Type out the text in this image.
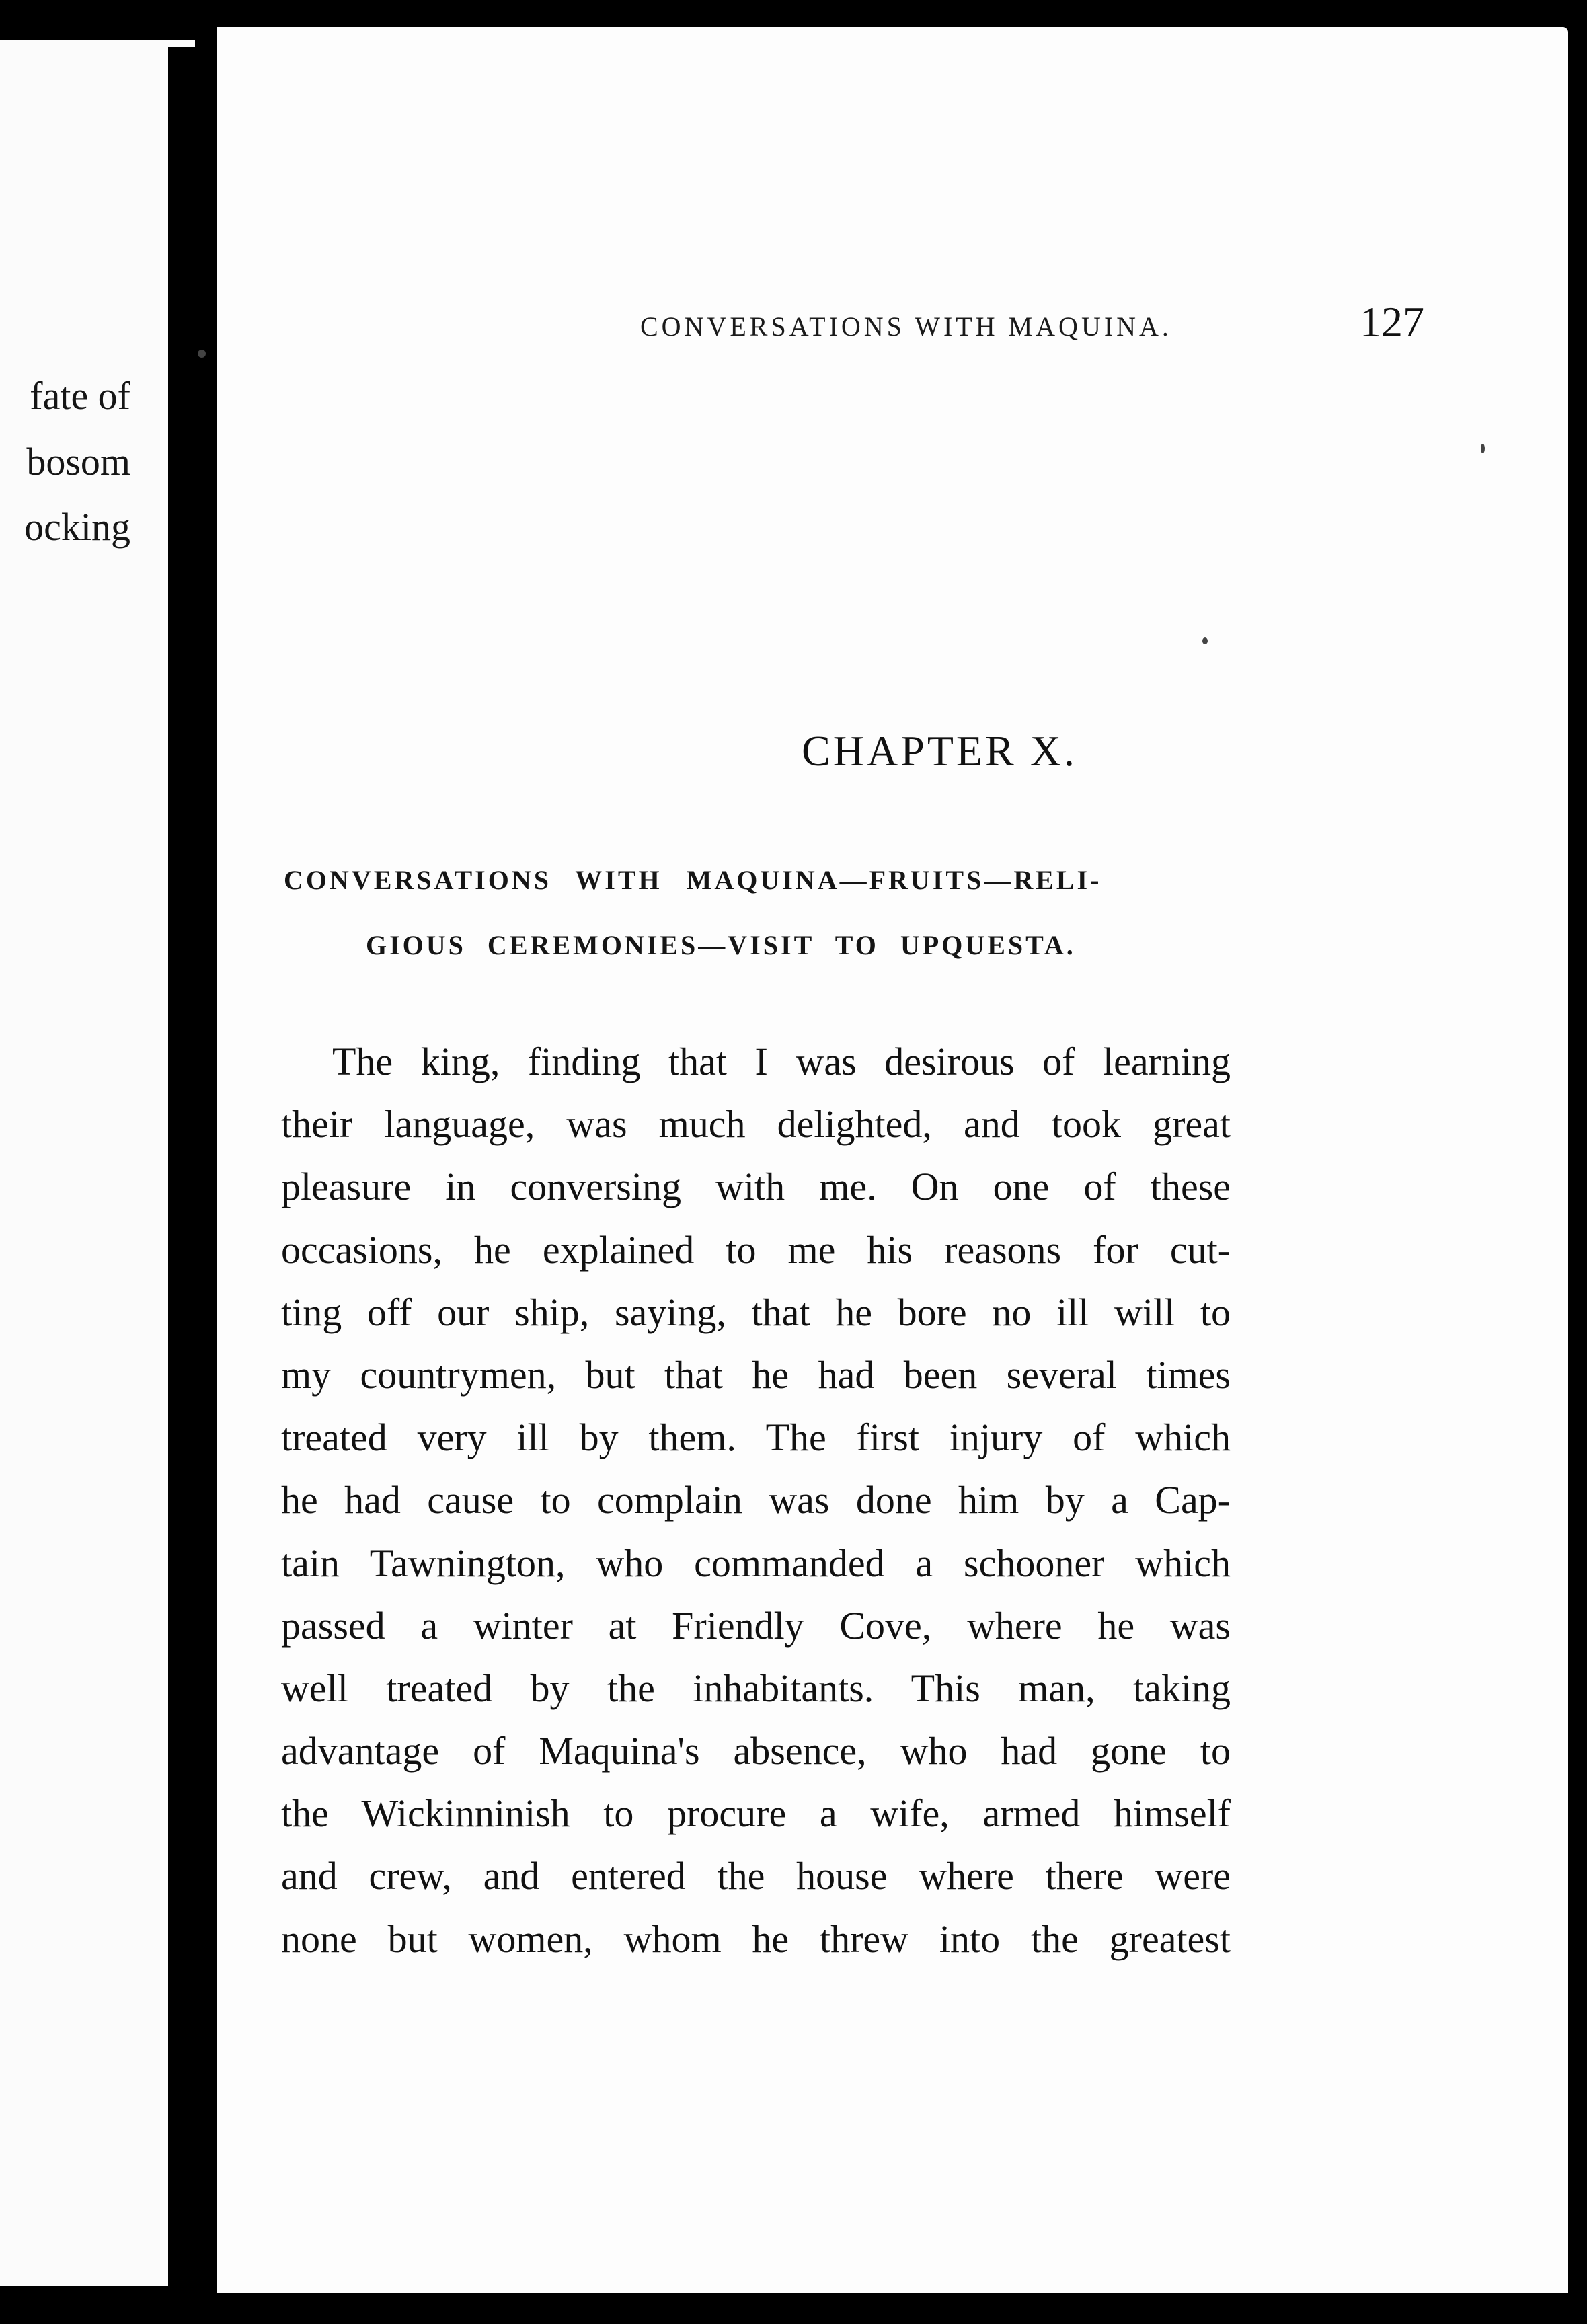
fate of
bosom
ocking
CONVERSATIONS WITH MAQUINA.	127
CHAPTER X.
CONVERSATIONS WITH MAQUINA—FRUITS—RELI-
GIOUS CEREMONIES—VISIT TO UPQUESTA.
The king, finding that I was desirous of learning
their language, was much delighted, and took great
pleasure in conversing with me. On one of these
occasions, he explained to me his reasons for cut-
ting off our ship, saying, that he bore no ill will to
my countrymen, but that he had been several times
treated very ill by them. The first injury of which
he had cause to complain was done him by a Cap-
tain Tawnington, who commanded a schooner which
passed a winter at Friendly Cove, where he was
well treated by the inhabitants. This man, taking
advantage of Maquina's absence, who had gone to
the Wickinninish to procure a wife, armed himself
and crew, and entered the house where there were
none but women, whom he threw into the greatest
